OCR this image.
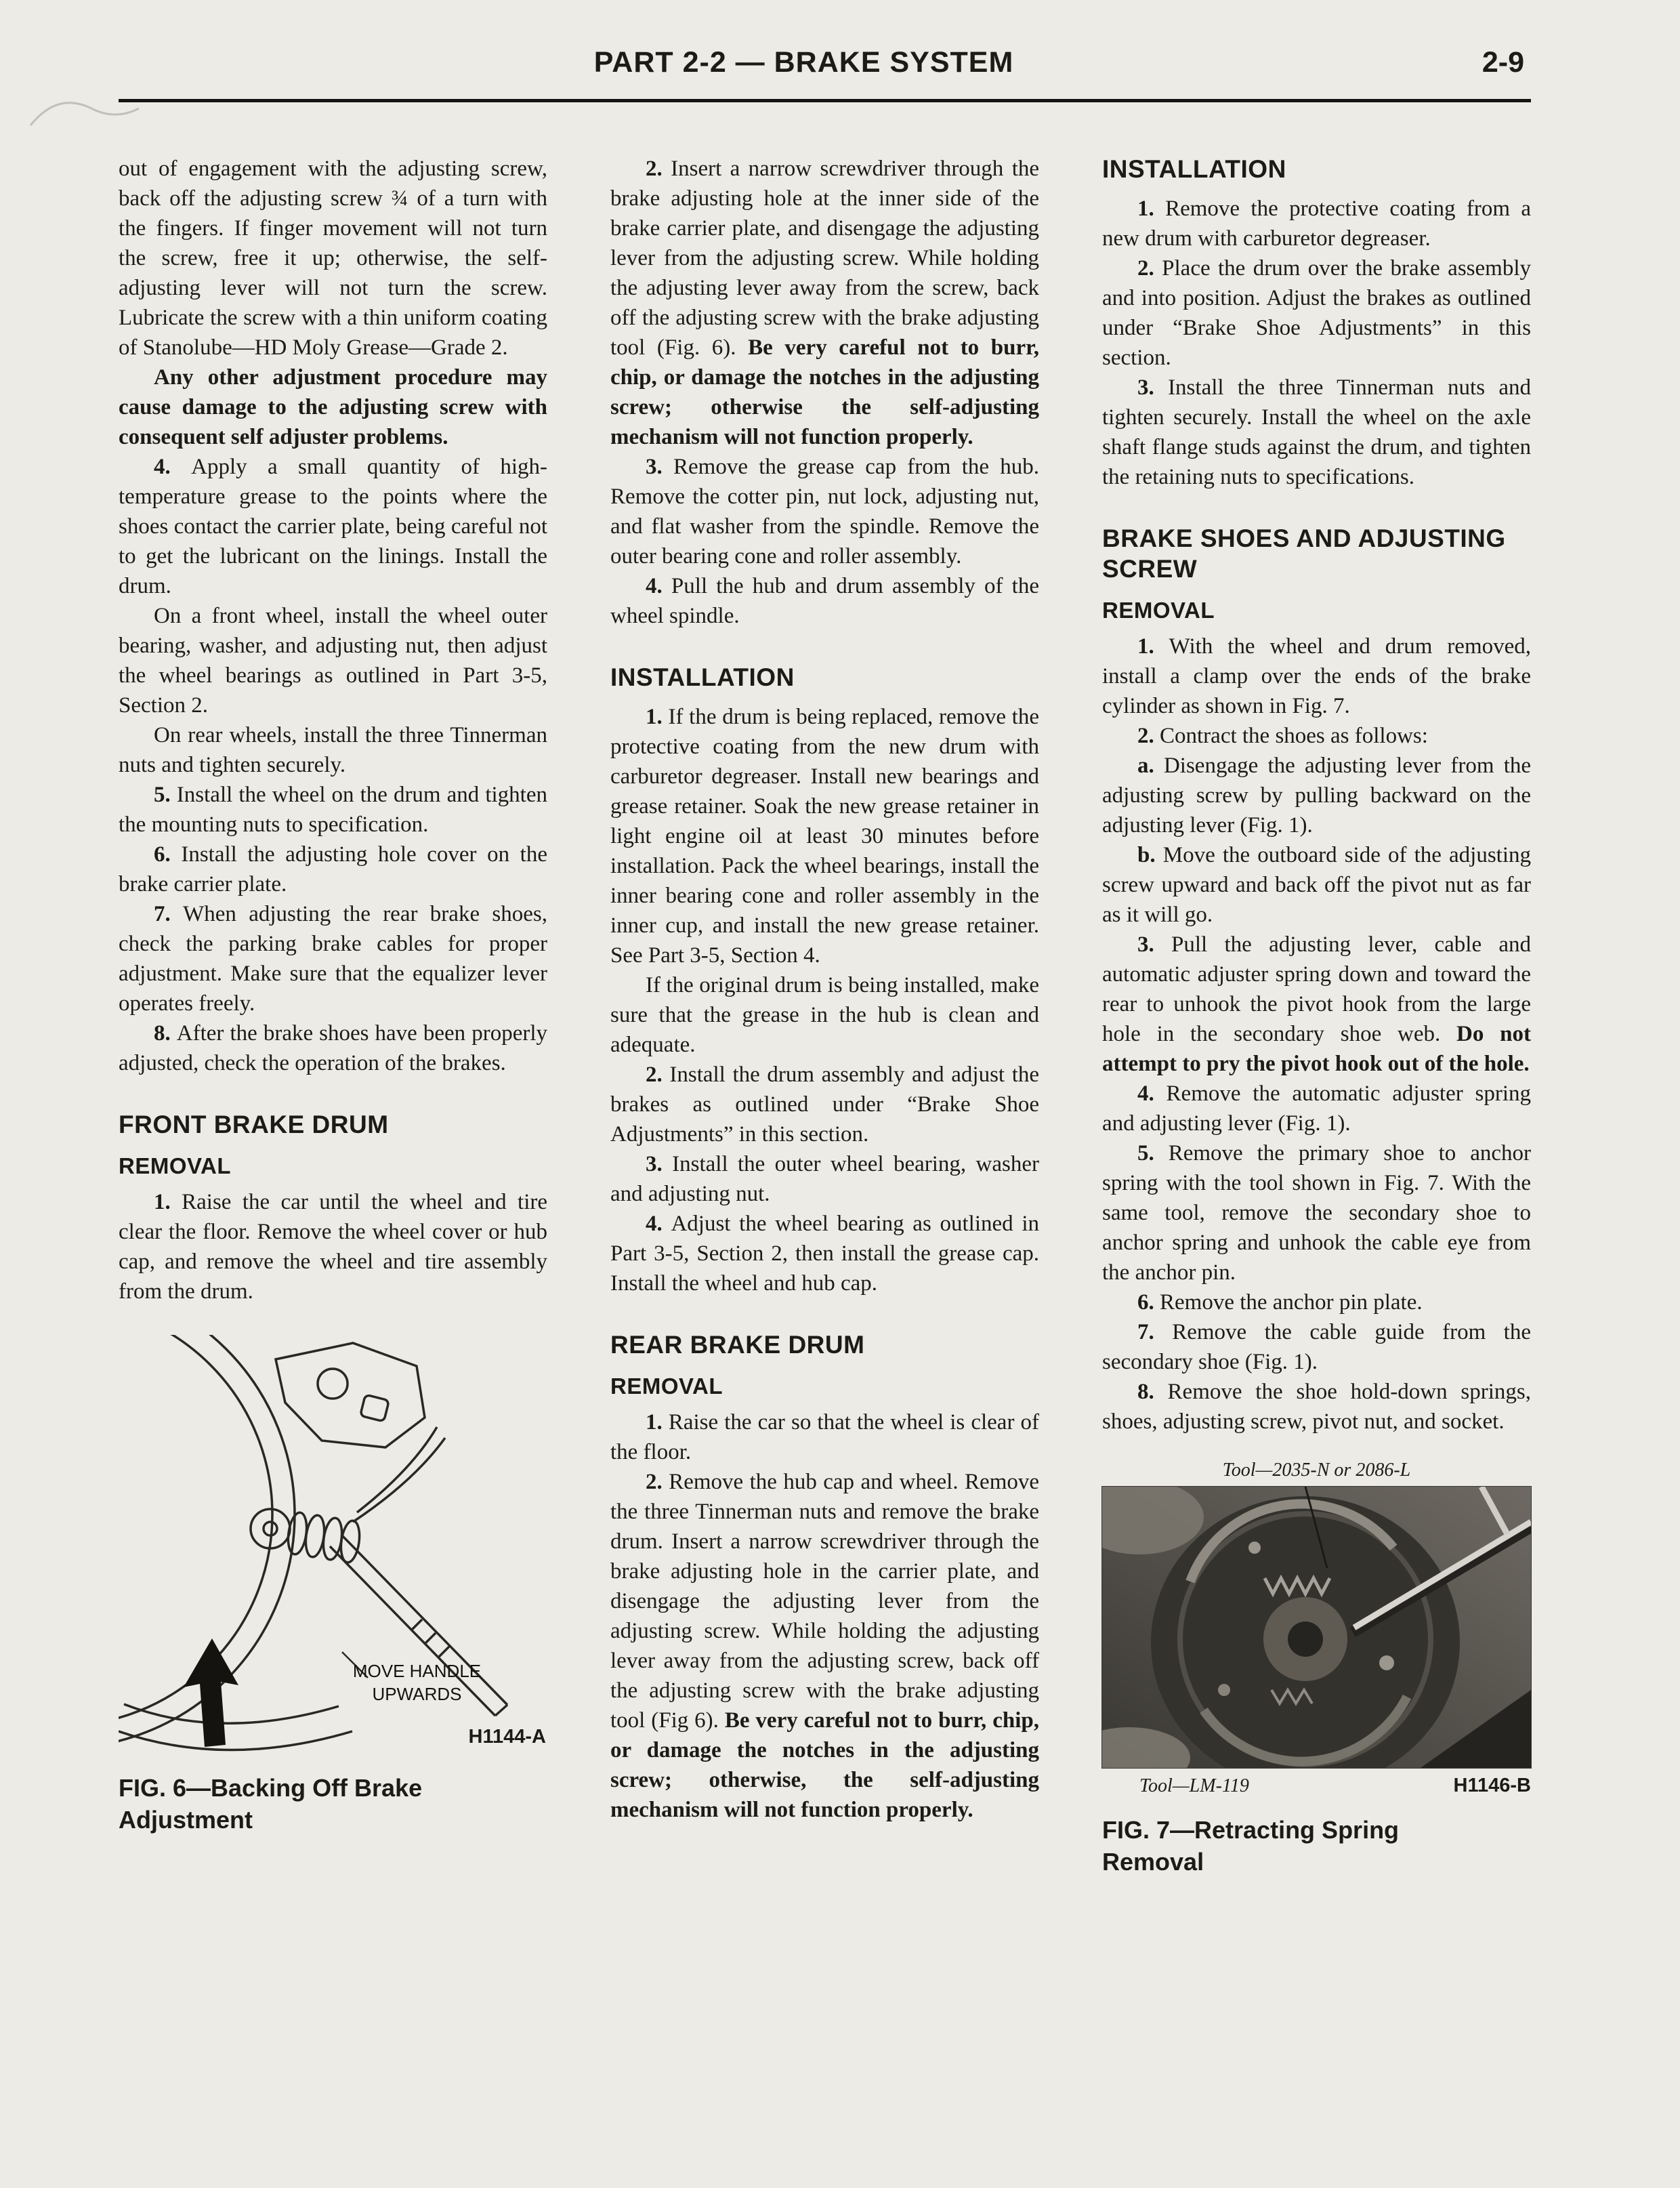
PART 2-2 — BRAKE SYSTEM	2-9

out of engagement with the adjusting screw, back off the adjusting screw ¾ of a turn with the fingers. If finger movement will not turn the screw, free it up; otherwise, the self-adjusting lever will not turn the screw. Lubricate the screw with a thin uniform coating of Stanolube—HD Moly Grease—Grade 2.

Any other adjustment procedure may cause damage to the adjusting screw with consequent self adjuster problems.

4. Apply a small quantity of high-temperature grease to the points where the shoes contact the carrier plate, being careful not to get the lubricant on the linings. Install the drum.

On a front wheel, install the wheel outer bearing, washer, and adjusting nut, then adjust the wheel bearings as outlined in Part 3-5, Section 2.

On rear wheels, install the three Tinnerman nuts and tighten securely.

5. Install the wheel on the drum and tighten the mounting nuts to specification.

6. Install the adjusting hole cover on the brake carrier plate.

7. When adjusting the rear brake shoes, check the parking brake cables for proper adjustment. Make sure that the equalizer lever operates freely.

8. After the brake shoes have been properly adjusted, check the operation of the brakes.

FRONT BRAKE DRUM
REMOVAL

1. Raise the car until the wheel and tire clear the floor. Remove the wheel cover or hub cap, and remove the wheel and tire assembly from the drum.

MOVE HANDLE UPWARDS
H1144-A
FIG. 6—Backing Off Brake Adjustment

2. Insert a narrow screwdriver through the brake adjusting hole at the inner side of the brake carrier plate, and disengage the adjusting lever from the adjusting screw. While holding the adjusting lever away from the screw, back off the adjusting screw with the brake adjusting tool (Fig. 6). Be very careful not to burr, chip, or damage the notches in the adjusting screw; otherwise the self-adjusting mechanism will not function properly.

3. Remove the grease cap from the hub. Remove the cotter pin, nut lock, adjusting nut, and flat washer from the spindle. Remove the outer bearing cone and roller assembly.

4. Pull the hub and drum assembly of the wheel spindle.

INSTALLATION

1. If the drum is being replaced, remove the protective coating from the new drum with carburetor degreaser. Install new bearings and grease retainer. Soak the new grease retainer in light engine oil at least 30 minutes before installation. Pack the wheel bearings, install the inner bearing cone and roller assembly in the inner cup, and install the new grease retainer. See Part 3-5, Section 4.

If the original drum is being installed, make sure that the grease in the hub is clean and adequate.

2. Install the drum assembly and adjust the brakes as outlined under “Brake Shoe Adjustments” in this section.

3. Install the outer wheel bearing, washer and adjusting nut.

4. Adjust the wheel bearing as outlined in Part 3-5, Section 2, then install the grease cap. Install the wheel and hub cap.

REAR BRAKE DRUM
REMOVAL

1. Raise the car so that the wheel is clear of the floor.

2. Remove the hub cap and wheel. Remove the three Tinnerman nuts and remove the brake drum. Insert a narrow screwdriver through the brake adjusting hole in the carrier plate, and disengage the adjusting lever from the adjusting screw. While holding the adjusting lever away from the adjusting screw, back off the adjusting screw with the brake adjusting tool (Fig 6). Be very careful not to burr, chip, or damage the notches in the adjusting screw; otherwise, the self-adjusting mechanism will not function properly.

INSTALLATION

1. Remove the protective coating from a new drum with carburetor degreaser.

2. Place the drum over the brake assembly and into position. Adjust the brakes as outlined under “Brake Shoe Adjustments” in this section.

3. Install the three Tinnerman nuts and tighten securely. Install the wheel on the axle shaft flange studs against the drum, and tighten the retaining nuts to specifications.

BRAKE SHOES AND ADJUSTING SCREW
REMOVAL

1. With the wheel and drum removed, install a clamp over the ends of the brake cylinder as shown in Fig. 7.

2. Contract the shoes as follows:

a. Disengage the adjusting lever from the adjusting screw by pulling backward on the adjusting lever (Fig. 1).

b. Move the outboard side of the adjusting screw upward and back off the pivot nut as far as it will go.

3. Pull the adjusting lever, cable and automatic adjuster spring down and toward the rear to unhook the pivot hook from the large hole in the secondary shoe web. Do not attempt to pry the pivot hook out of the hole.

4. Remove the automatic adjuster spring and adjusting lever (Fig. 1).

5. Remove the primary shoe to anchor spring with the tool shown in Fig. 7. With the same tool, remove the secondary shoe to anchor spring and unhook the cable eye from the anchor pin.

6. Remove the anchor pin plate.

7. Remove the cable guide from the secondary shoe (Fig. 1).

8. Remove the shoe hold-down springs, shoes, adjusting screw, pivot nut, and socket.

Tool—2035-N or 2086-L
Tool—LM-119	H1146-B
FIG. 7—Retracting Spring Removal
